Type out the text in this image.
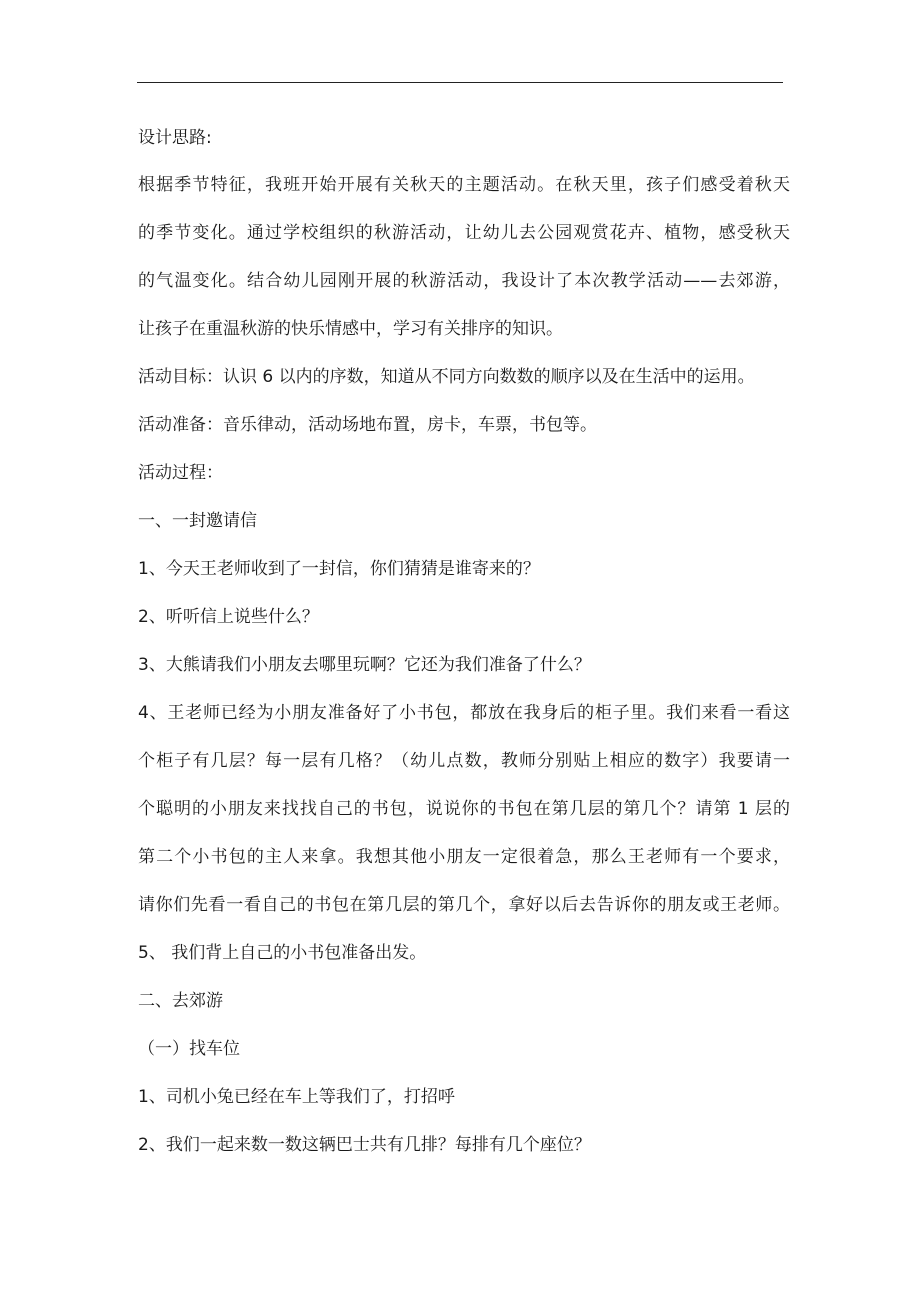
设计思路:
根据季节特征，我班开始开展有关秋天的主题活动。在秋天里，孩子们感受着秋天
的季节变化。通过学校组织的秋游活动，让幼儿去公园观赏花卉、植物，感受秋天
的气温变化。结合幼儿园刚开展的秋游活动，我设计了本次教学活动——去郊游，
让孩子在重温秋游的快乐情感中，学习有关排序的知识。
活动目标：认识 6 以内的序数，知道从不同方向数数的顺序以及在生活中的运用。
活动准备：音乐律动，活动场地布置，房卡，车票，书包等。
活动过程：
一、一封邀请信
1、今天王老师收到了一封信，你们猜猜是谁寄来的？
2、听听信上说些什么？
3、大熊请我们小朋友去哪里玩啊？它还为我们准备了什么？
4、王老师已经为小朋友准备好了小书包，都放在我身后的柜子里。我们来看一看这
个柜子有几层？每一层有几格？（幼儿点数，教师分别贴上相应的数字）我要请一
个聪明的小朋友来找找自己的书包，说说你的书包在第几层的第几个？请第 1 层的
第二个小书包的主人来拿。我想其他小朋友一定很着急，那么王老师有一个要求，
请你们先看一看自己的书包在第几层的第几个，拿好以后去告诉你的朋友或王老师。
5、 我们背上自己的小书包准备出发。
二、去郊游
（一）找车位
1、司机小兔已经在车上等我们了，打招呼
2、我们一起来数一数这辆巴士共有几排？每排有几个座位？
